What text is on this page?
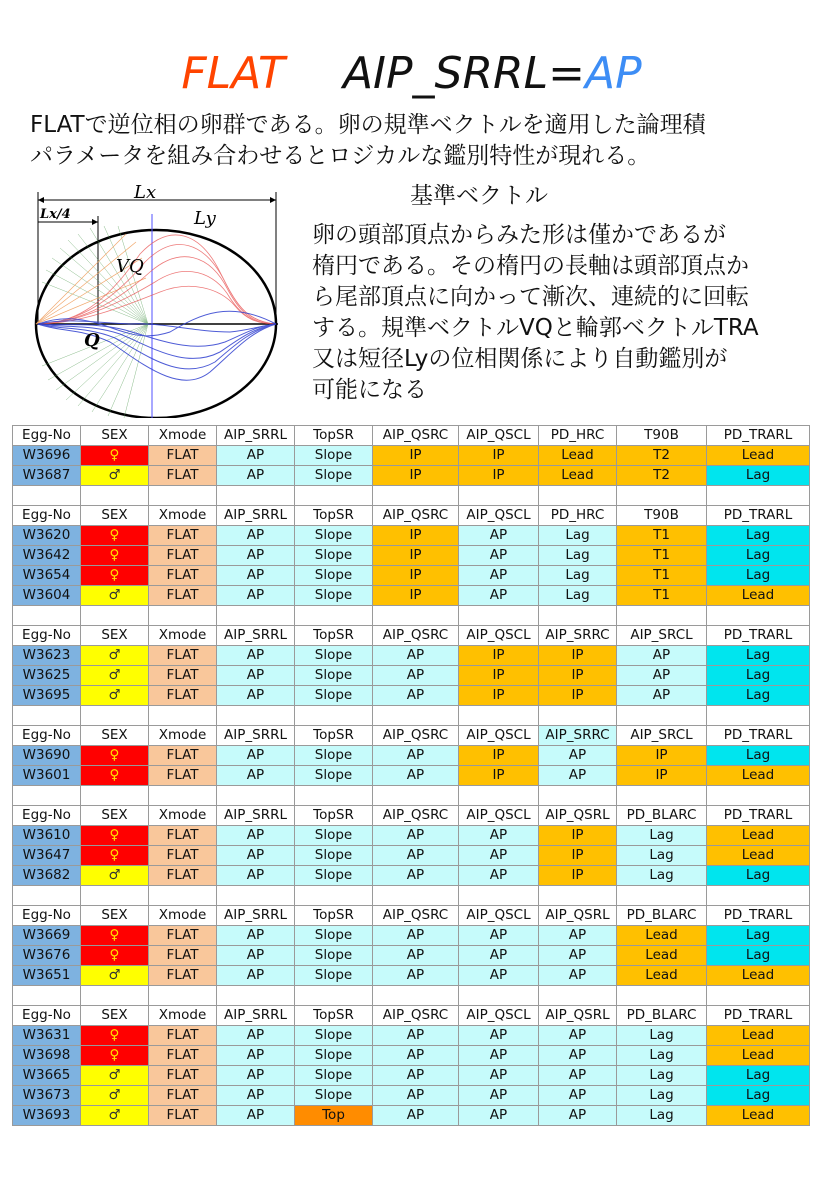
FLAT AIP_SRRL=AP
FLATで逆位相の卵群である。卵の規準ベクトルを適用した論理積
パラメータを組み合わせるとロジカルな鑑別特性が現れる。
Lx
Lx/4	Ly
VQ
Q
基準ベクトル
卵の頭部頂点からみた形は僅かであるが
楕円である。その楕円の長軸は頭部頂点か
ら尾部頂点に向かって漸次、連続的に回転
する。規準ベクトルVQと輪郭ベクトルTRA
又は短径Lyの位相関係により自動鑑別が
可能になる
Egg-No	SEX	Xmode	AIP_SRRL	TopSR	AIP_QSRC	AIP_QSCL	PD_HRC	T90B	PD_TRARL
W3696	♀	FLAT	AP	Slope	IP	IP	Lead	T2	Lead
W3687	♂	FLAT	AP	Slope	IP	IP	Lead	T2	Lag

Egg-No	SEX	Xmode	AIP_SRRL	TopSR	AIP_QSRC	AIP_QSCL	PD_HRC	T90B	PD_TRARL
W3620	♀	FLAT	AP	Slope	IP	AP	Lag	T1	Lag
W3642	♀	FLAT	AP	Slope	IP	AP	Lag	T1	Lag
W3654	♀	FLAT	AP	Slope	IP	AP	Lag	T1	Lag
W3604	♂	FLAT	AP	Slope	IP	AP	Lag	T1	Lead

Egg-No	SEX	Xmode	AIP_SRRL	TopSR	AIP_QSRC	AIP_QSCL	AIP_SRRC	AIP_SRCL	PD_TRARL
W3623	♂	FLAT	AP	Slope	AP	IP	IP	AP	Lag
W3625	♂	FLAT	AP	Slope	AP	IP	IP	AP	Lag
W3695	♂	FLAT	AP	Slope	AP	IP	IP	AP	Lag

Egg-No	SEX	Xmode	AIP_SRRL	TopSR	AIP_QSRC	AIP_QSCL	AIP_SRRC	AIP_SRCL	PD_TRARL
W3690	♀	FLAT	AP	Slope	AP	IP	AP	IP	Lag
W3601	♀	FLAT	AP	Slope	AP	IP	AP	IP	Lead

Egg-No	SEX	Xmode	AIP_SRRL	TopSR	AIP_QSRC	AIP_QSCL	AIP_QSRL	PD_BLARC	PD_TRARL
W3610	♀	FLAT	AP	Slope	AP	AP	IP	Lag	Lead
W3647	♀	FLAT	AP	Slope	AP	AP	IP	Lag	Lead
W3682	♂	FLAT	AP	Slope	AP	AP	IP	Lag	Lag

Egg-No	SEX	Xmode	AIP_SRRL	TopSR	AIP_QSRC	AIP_QSCL	AIP_QSRL	PD_BLARC	PD_TRARL
W3669	♀	FLAT	AP	Slope	AP	AP	AP	Lead	Lag
W3676	♀	FLAT	AP	Slope	AP	AP	AP	Lead	Lag
W3651	♂	FLAT	AP	Slope	AP	AP	AP	Lead	Lead

Egg-No	SEX	Xmode	AIP_SRRL	TopSR	AIP_QSRC	AIP_QSCL	AIP_QSRL	PD_BLARC	PD_TRARL
W3631	♀	FLAT	AP	Slope	AP	AP	AP	Lag	Lead
W3698	♀	FLAT	AP	Slope	AP	AP	AP	Lag	Lead
W3665	♂	FLAT	AP	Slope	AP	AP	AP	Lag	Lag
W3673	♂	FLAT	AP	Slope	AP	AP	AP	Lag	Lag
W3693	♂	FLAT	AP	Top	AP	AP	AP	Lag	Lead
